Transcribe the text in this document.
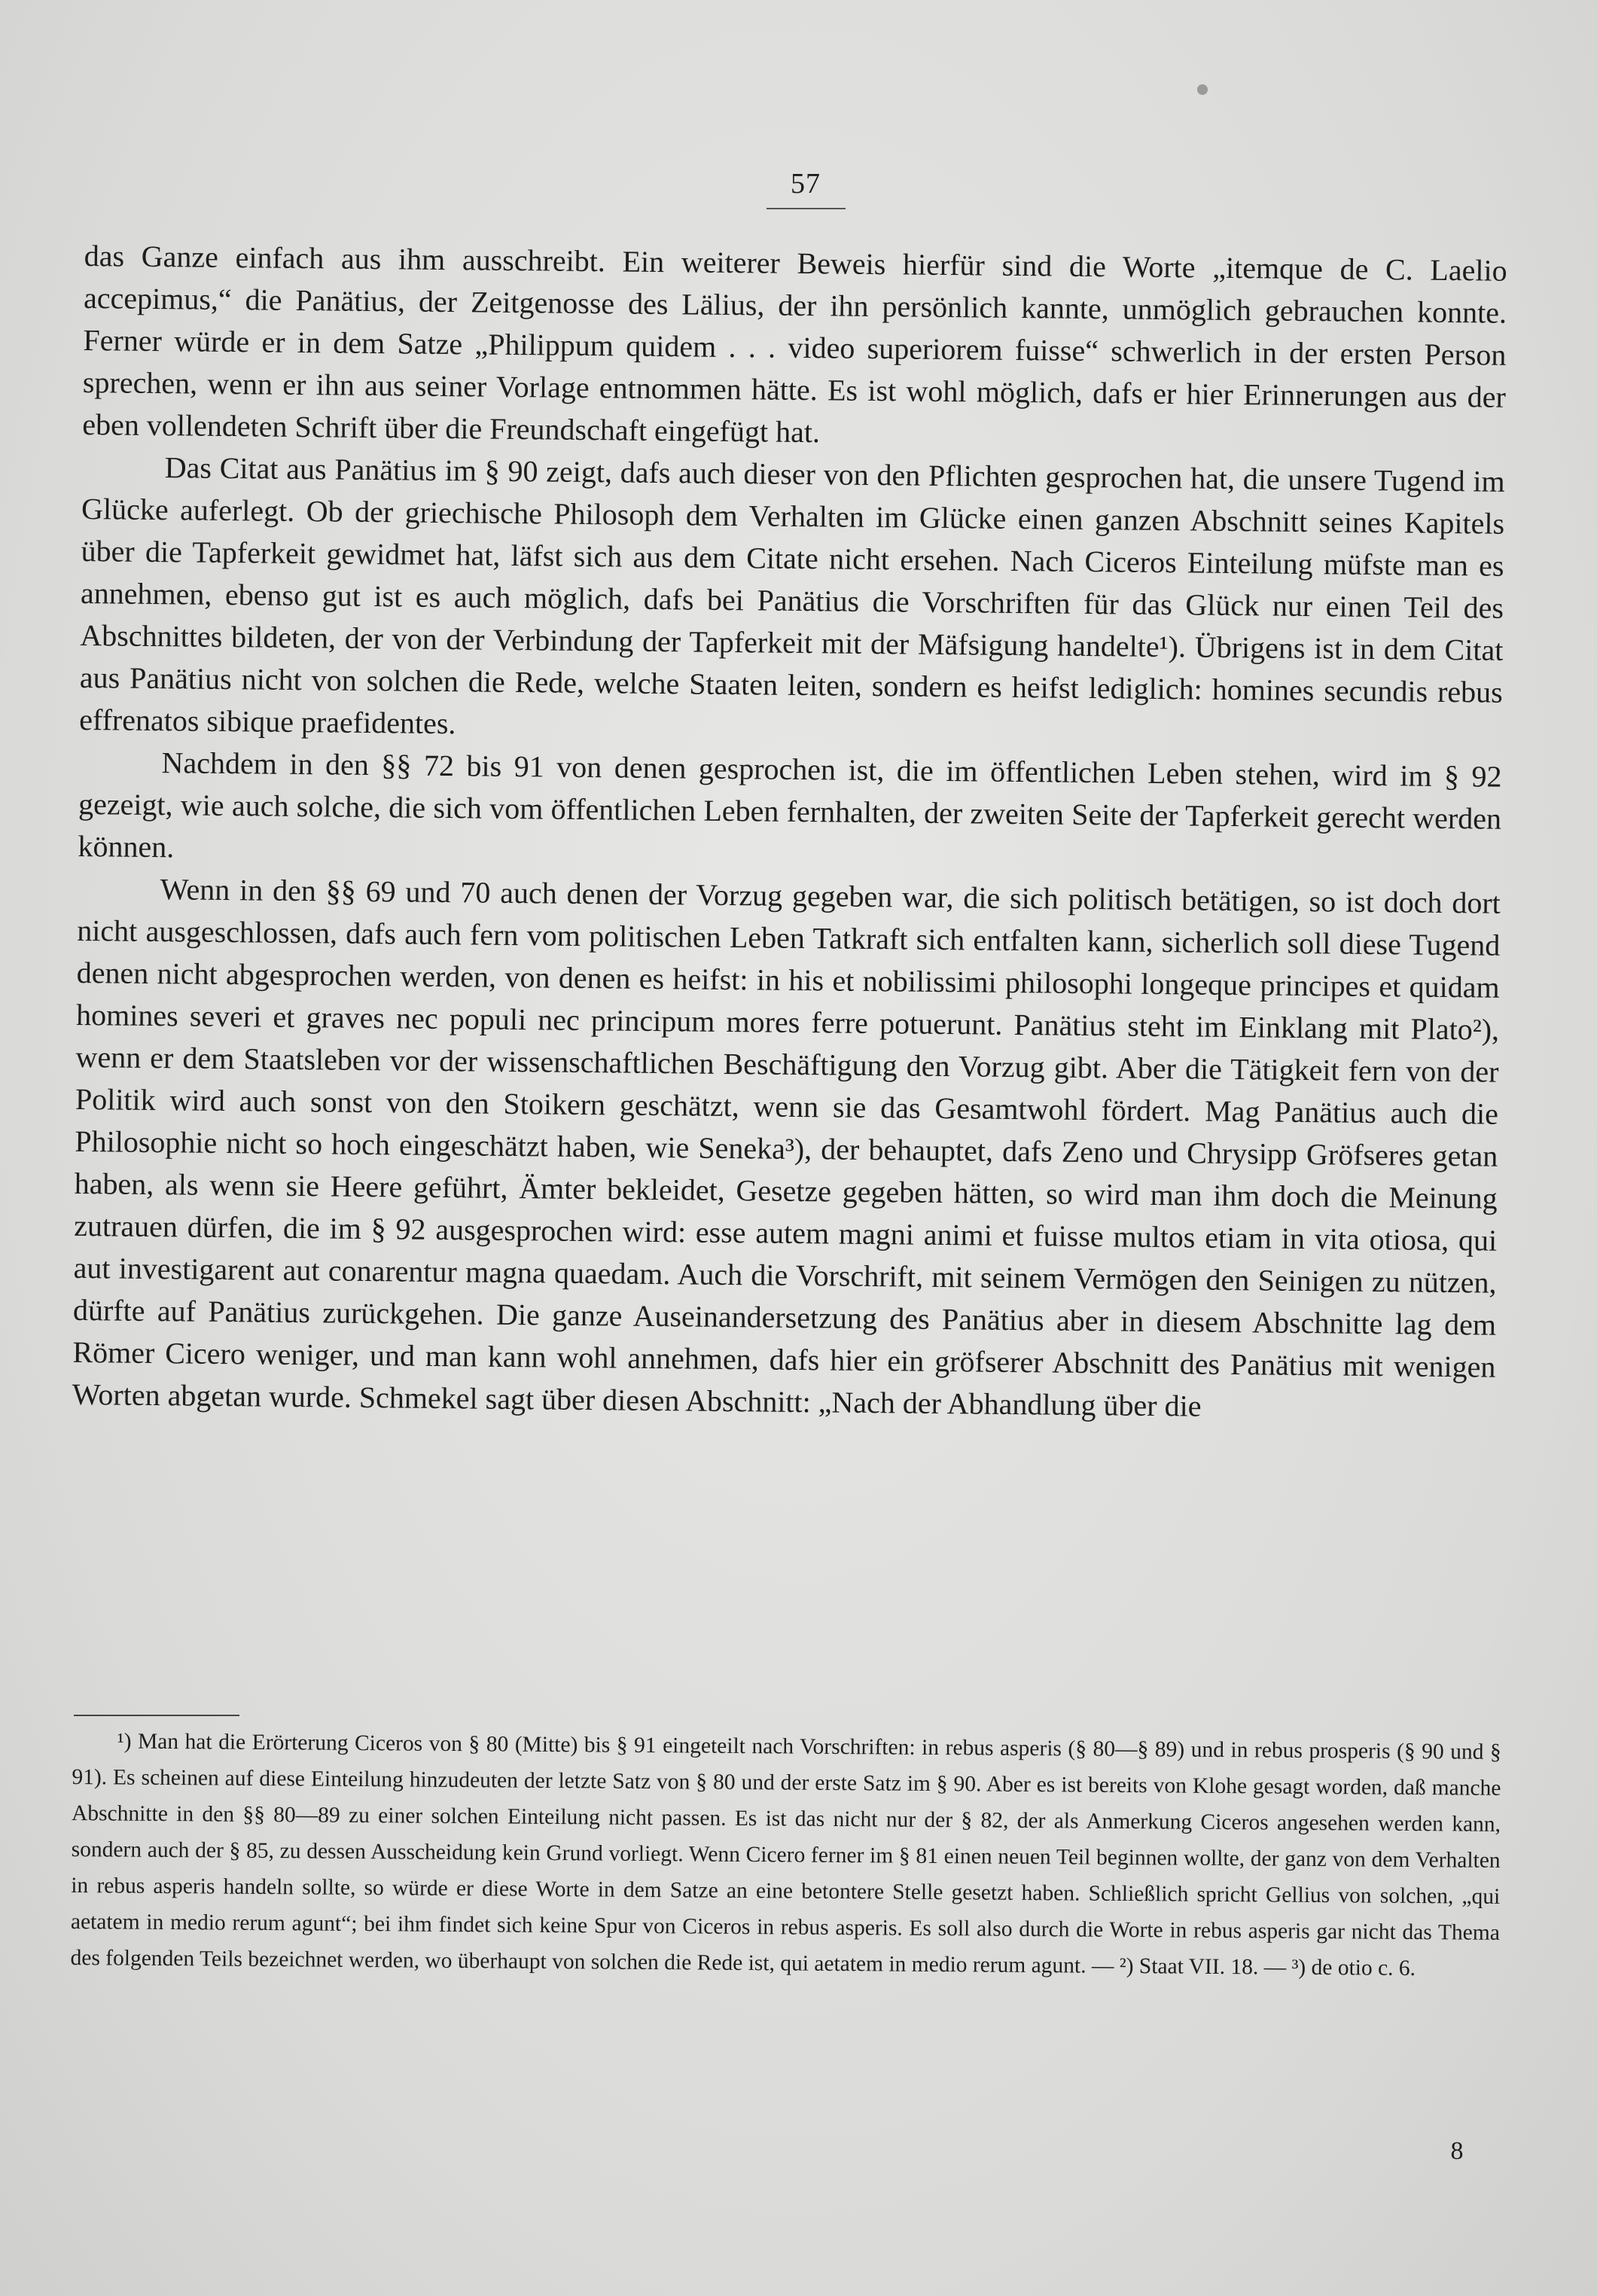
57

das Ganze einfach aus ihm ausschreibt. Ein weiterer Beweis hierfür sind die Worte „itemque de C. Laelio accepimus,“ die Panätius, der Zeitgenosse des Lälius, der ihn persönlich kannte, unmöglich gebrauchen konnte. Ferner würde er in dem Satze „Philippum quidem . . . video superiorem fuisse“ schwerlich in der ersten Person sprechen, wenn er ihn aus seiner Vorlage entnommen hätte. Es ist wohl möglich, dafs er hier Erinnerungen aus der eben vollendeten Schrift über die Freundschaft eingefügt hat.

Das Citat aus Panätius im § 90 zeigt, dafs auch dieser von den Pflichten gesprochen hat, die unsere Tugend im Glücke auferlegt. Ob der griechische Philosoph dem Verhalten im Glücke einen ganzen Abschnitt seines Kapitels über die Tapferkeit gewidmet hat, läfst sich aus dem Citate nicht ersehen. Nach Ciceros Einteilung müfste man es annehmen, ebenso gut ist es auch möglich, dafs bei Panätius die Vorschriften für das Glück nur einen Teil des Abschnittes bildeten, der von der Verbindung der Tapferkeit mit der Mäfsigung handelte¹). Übrigens ist in dem Citat aus Panätius nicht von solchen die Rede, welche Staaten leiten, sondern es heifst lediglich: homines secundis rebus effrenatos sibique praefidentes.

Nachdem in den §§ 72 bis 91 von denen gesprochen ist, die im öffentlichen Leben stehen, wird im § 92 gezeigt, wie auch solche, die sich vom öffentlichen Leben fernhalten, der zweiten Seite der Tapferkeit gerecht werden können.

Wenn in den §§ 69 und 70 auch denen der Vorzug gegeben war, die sich politisch betätigen, so ist doch dort nicht ausgeschlossen, dafs auch fern vom politischen Leben Tatkraft sich entfalten kann, sicherlich soll diese Tugend denen nicht abgesprochen werden, von denen es heifst: in his et nobilissimi philosophi longeque principes et quidam homines severi et graves nec populi nec principum mores ferre potuerunt. Panätius steht im Einklang mit Plato²), wenn er dem Staatsleben vor der wissenschaftlichen Beschäftigung den Vorzug gibt. Aber die Tätigkeit fern von der Politik wird auch sonst von den Stoikern geschätzt, wenn sie das Gesamtwohl fördert. Mag Panätius auch die Philosophie nicht so hoch eingeschätzt haben, wie Seneka³), der behauptet, dafs Zeno und Chrysipp Gröfseres getan haben, als wenn sie Heere geführt, Ämter bekleidet, Gesetze gegeben hätten, so wird man ihm doch die Meinung zutrauen dürfen, die im § 92 ausgesprochen wird: esse autem magni animi et fuisse multos etiam in vita otiosa, qui aut investigarent aut conarentur magna quaedam. Auch die Vorschrift, mit seinem Vermögen den Seinigen zu nützen, dürfte auf Panätius zurückgehen. Die ganze Auseinandersetzung des Panätius aber in diesem Abschnitte lag dem Römer Cicero weniger, und man kann wohl annehmen, dafs hier ein gröfserer Abschnitt des Panätius mit wenigen Worten abgetan wurde. Schmekel sagt über diesen Abschnitt: „Nach der Abhandlung über die

¹) Man hat die Erörterung Ciceros von § 80 (Mitte) bis § 91 eingeteilt nach Vorschriften: in rebus asperis (§ 80—§ 89) und in rebus prosperis (§ 90 und § 91). Es scheinen auf diese Einteilung hinzudeuten der letzte Satz von § 80 und der erste Satz im § 90. Aber es ist bereits von Klohe gesagt worden, daß manche Abschnitte in den §§ 80—89 zu einer solchen Einteilung nicht passen. Es ist das nicht nur der § 82, der als Anmerkung Ciceros angesehen werden kann, sondern auch der § 85, zu dessen Ausscheidung kein Grund vorliegt. Wenn Cicero ferner im § 81 einen neuen Teil beginnen wollte, der ganz von dem Verhalten in rebus asperis handeln sollte, so würde er diese Worte in dem Satze an eine betontere Stelle gesetzt haben. Schließlich spricht Gellius von solchen, „qui aetatem in medio rerum agunt“; bei ihm findet sich keine Spur von Ciceros in rebus asperis. Es soll also durch die Worte in rebus asperis gar nicht das Thema des folgenden Teils bezeichnet werden, wo überhaupt von solchen die Rede ist, qui aetatem in medio rerum agunt. — ²) Staat VII. 18. — ³) de otio c. 6.

8
